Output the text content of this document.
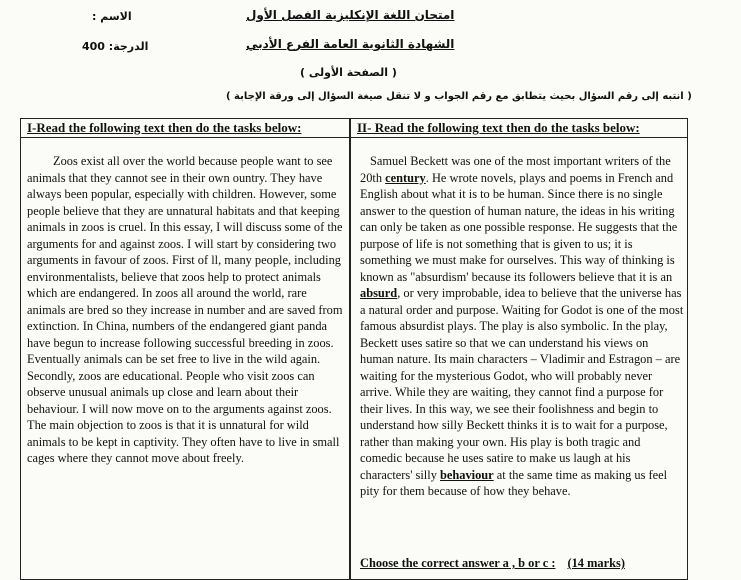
الاسم :
الدرجة: 400
امتحان اللغة الإنكليزية الفصل الأول
الشهادة الثانوية العامة الفرع الأدبي
( الصفحة الأولى )
( انتبه إلى رقم السؤال بحيث يتطابق مع رقم الجواب و لا تنقل صيغة السؤال إلى ورقة الإجابة )
I-Read the following text then do the tasks below:
Zoos exist all over the world because people want to see animals that they cannot see in their own ountry. They have always been popular, especially with children. However, some people believe that they are unnatural habitats and that keeping animals in zoos is cruel. In this essay, I will discuss some of the arguments for and against zoos. I will start by considering two arguments in favour of zoos. First of ll, many people, including environmentalists, believe that zoos help to protect animals which are endangered. In zoos all around the world, rare animals are bred so they increase in number and are saved from extinction. In China, numbers of the endangered giant panda have begun to increase following successful breeding in zoos. Eventually animals can be set free to live in the wild again. Secondly, zoos are educational. People who visit zoos can observe unusual animals up close and learn about their behaviour. I will now move on to the arguments against zoos. The main objection to zoos is that it is unnatural for wild animals to be kept in captivity. They often have to live in small cages where they cannot move about freely.
II- Read the following text then do the tasks below:
Samuel Beckett was one of the most important writers of the 20th century. He wrote novels, plays and poems in French and English about what it is to be human. Since there is no single answer to the question of human nature, the ideas in his writing can only be taken as one possible response. He suggests that the purpose of life is not something that is given to us; it is something we must make for ourselves. This way of thinking is known as "absurdism' because its followers believe that it is an absurd, or very improbable, idea to believe that the universe has a natural order and purpose. Waiting for Godot is one of the most famous absurdist plays. The play is also symbolic. In the play, Beckett uses satire so that we can understand his views on human nature. Its main characters – Vladimir and Estragon – are waiting for the mysterious Godot, who will probably never arrive. While they are waiting, they cannot find a purpose for their lives. In this way, we see their foolishness and begin to understand how silly Beckett thinks it is to wait for a purpose, rather than making your own. His play is both tragic and comedic because he uses satire to make us laugh at his characters' silly behaviour at the same time as making us feel pity for them because of how they behave.
Choose the correct answer a , b or c : (14 marks)
